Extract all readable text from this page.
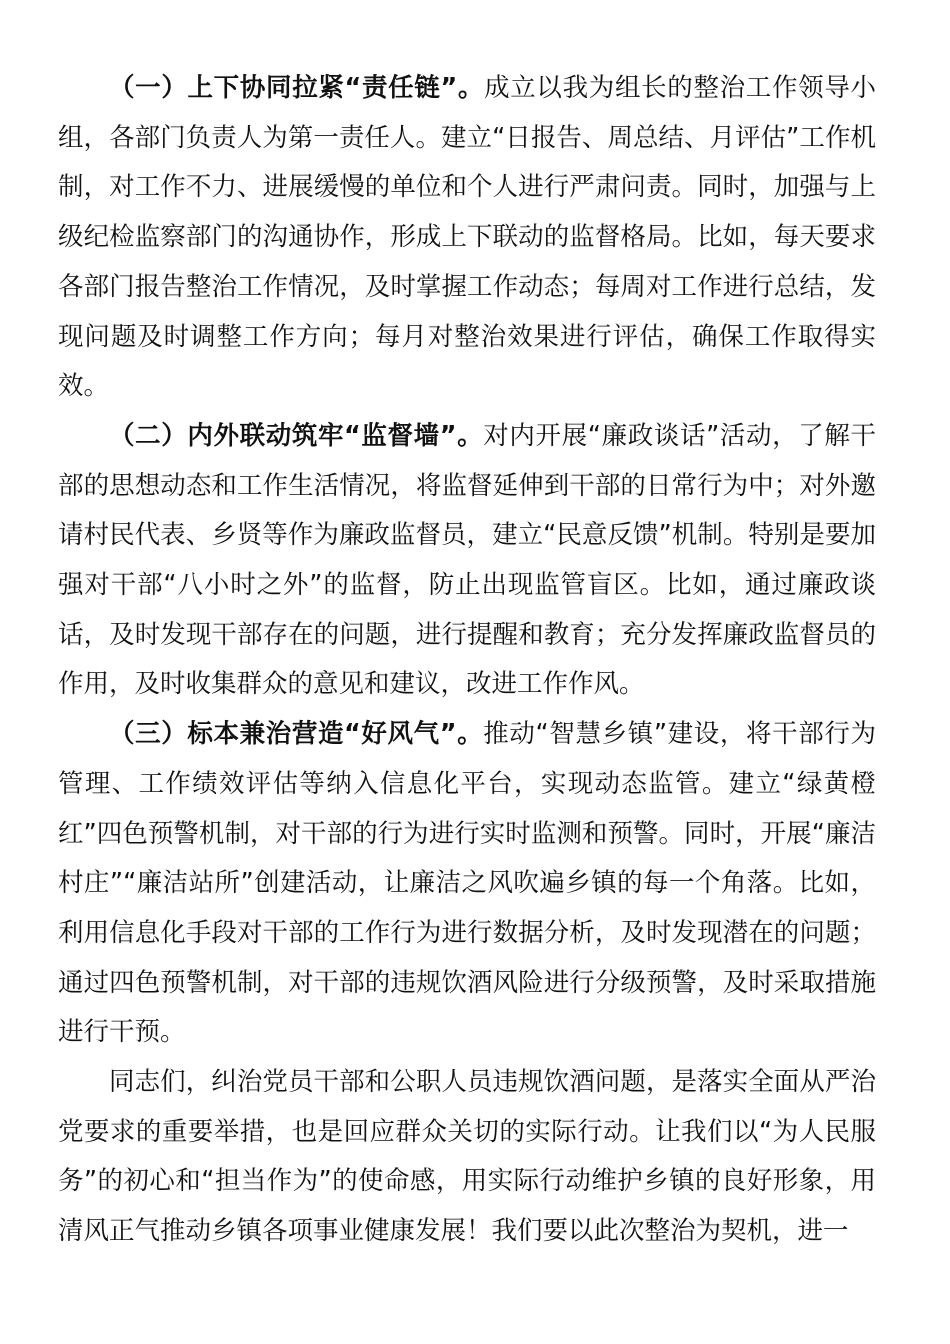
（一）上下协同拉紧“责任链”。成立以我为组长的整治工作领导小组，各部门负责人为第一责任人。建立“日报告、周总结、月评估”工作机制，对工作不力、进展缓慢的单位和个人进行严肃问责。同时，加强与上级纪检监察部门的沟通协作，形成上下联动的监督格局。比如，每天要求各部门报告整治工作情况，及时掌握工作动态；每周对工作进行总结，发现问题及时调整工作方向；每月对整治效果进行评估，确保工作取得实效。

（二）内外联动筑牢“监督墙”。对内开展“廉政谈话”活动，了解干部的思想动态和工作生活情况，将监督延伸到干部的日常行为中；对外邀请村民代表、乡贤等作为廉政监督员，建立“民意反馈”机制。特别是要加强对干部“八小时之外”的监督，防止出现监管盲区。比如，通过廉政谈话，及时发现干部存在的问题，进行提醒和教育；充分发挥廉政监督员的作用，及时收集群众的意见和建议，改进工作作风。

（三）标本兼治营造“好风气”。推动“智慧乡镇”建设，将干部行为管理、工作绩效评估等纳入信息化平台，实现动态监管。建立“绿黄橙红”四色预警机制，对干部的行为进行实时监测和预警。同时，开展“廉洁村庄”“廉洁站所”创建活动，让廉洁之风吹遍乡镇的每一个角落。比如，利用信息化手段对干部的工作行为进行数据分析，及时发现潜在的问题；通过四色预警机制，对干部的违规饮酒风险进行分级预警，及时采取措施进行干预。

同志们，纠治党员干部和公职人员违规饮酒问题，是落实全面从严治党要求的重要举措，也是回应群众关切的实际行动。让我们以“为人民服务”的初心和“担当作为”的使命感，用实际行动维护乡镇的良好形象，用清风正气推动乡镇各项事业健康发展！我们要以此次整治为契机，进一
